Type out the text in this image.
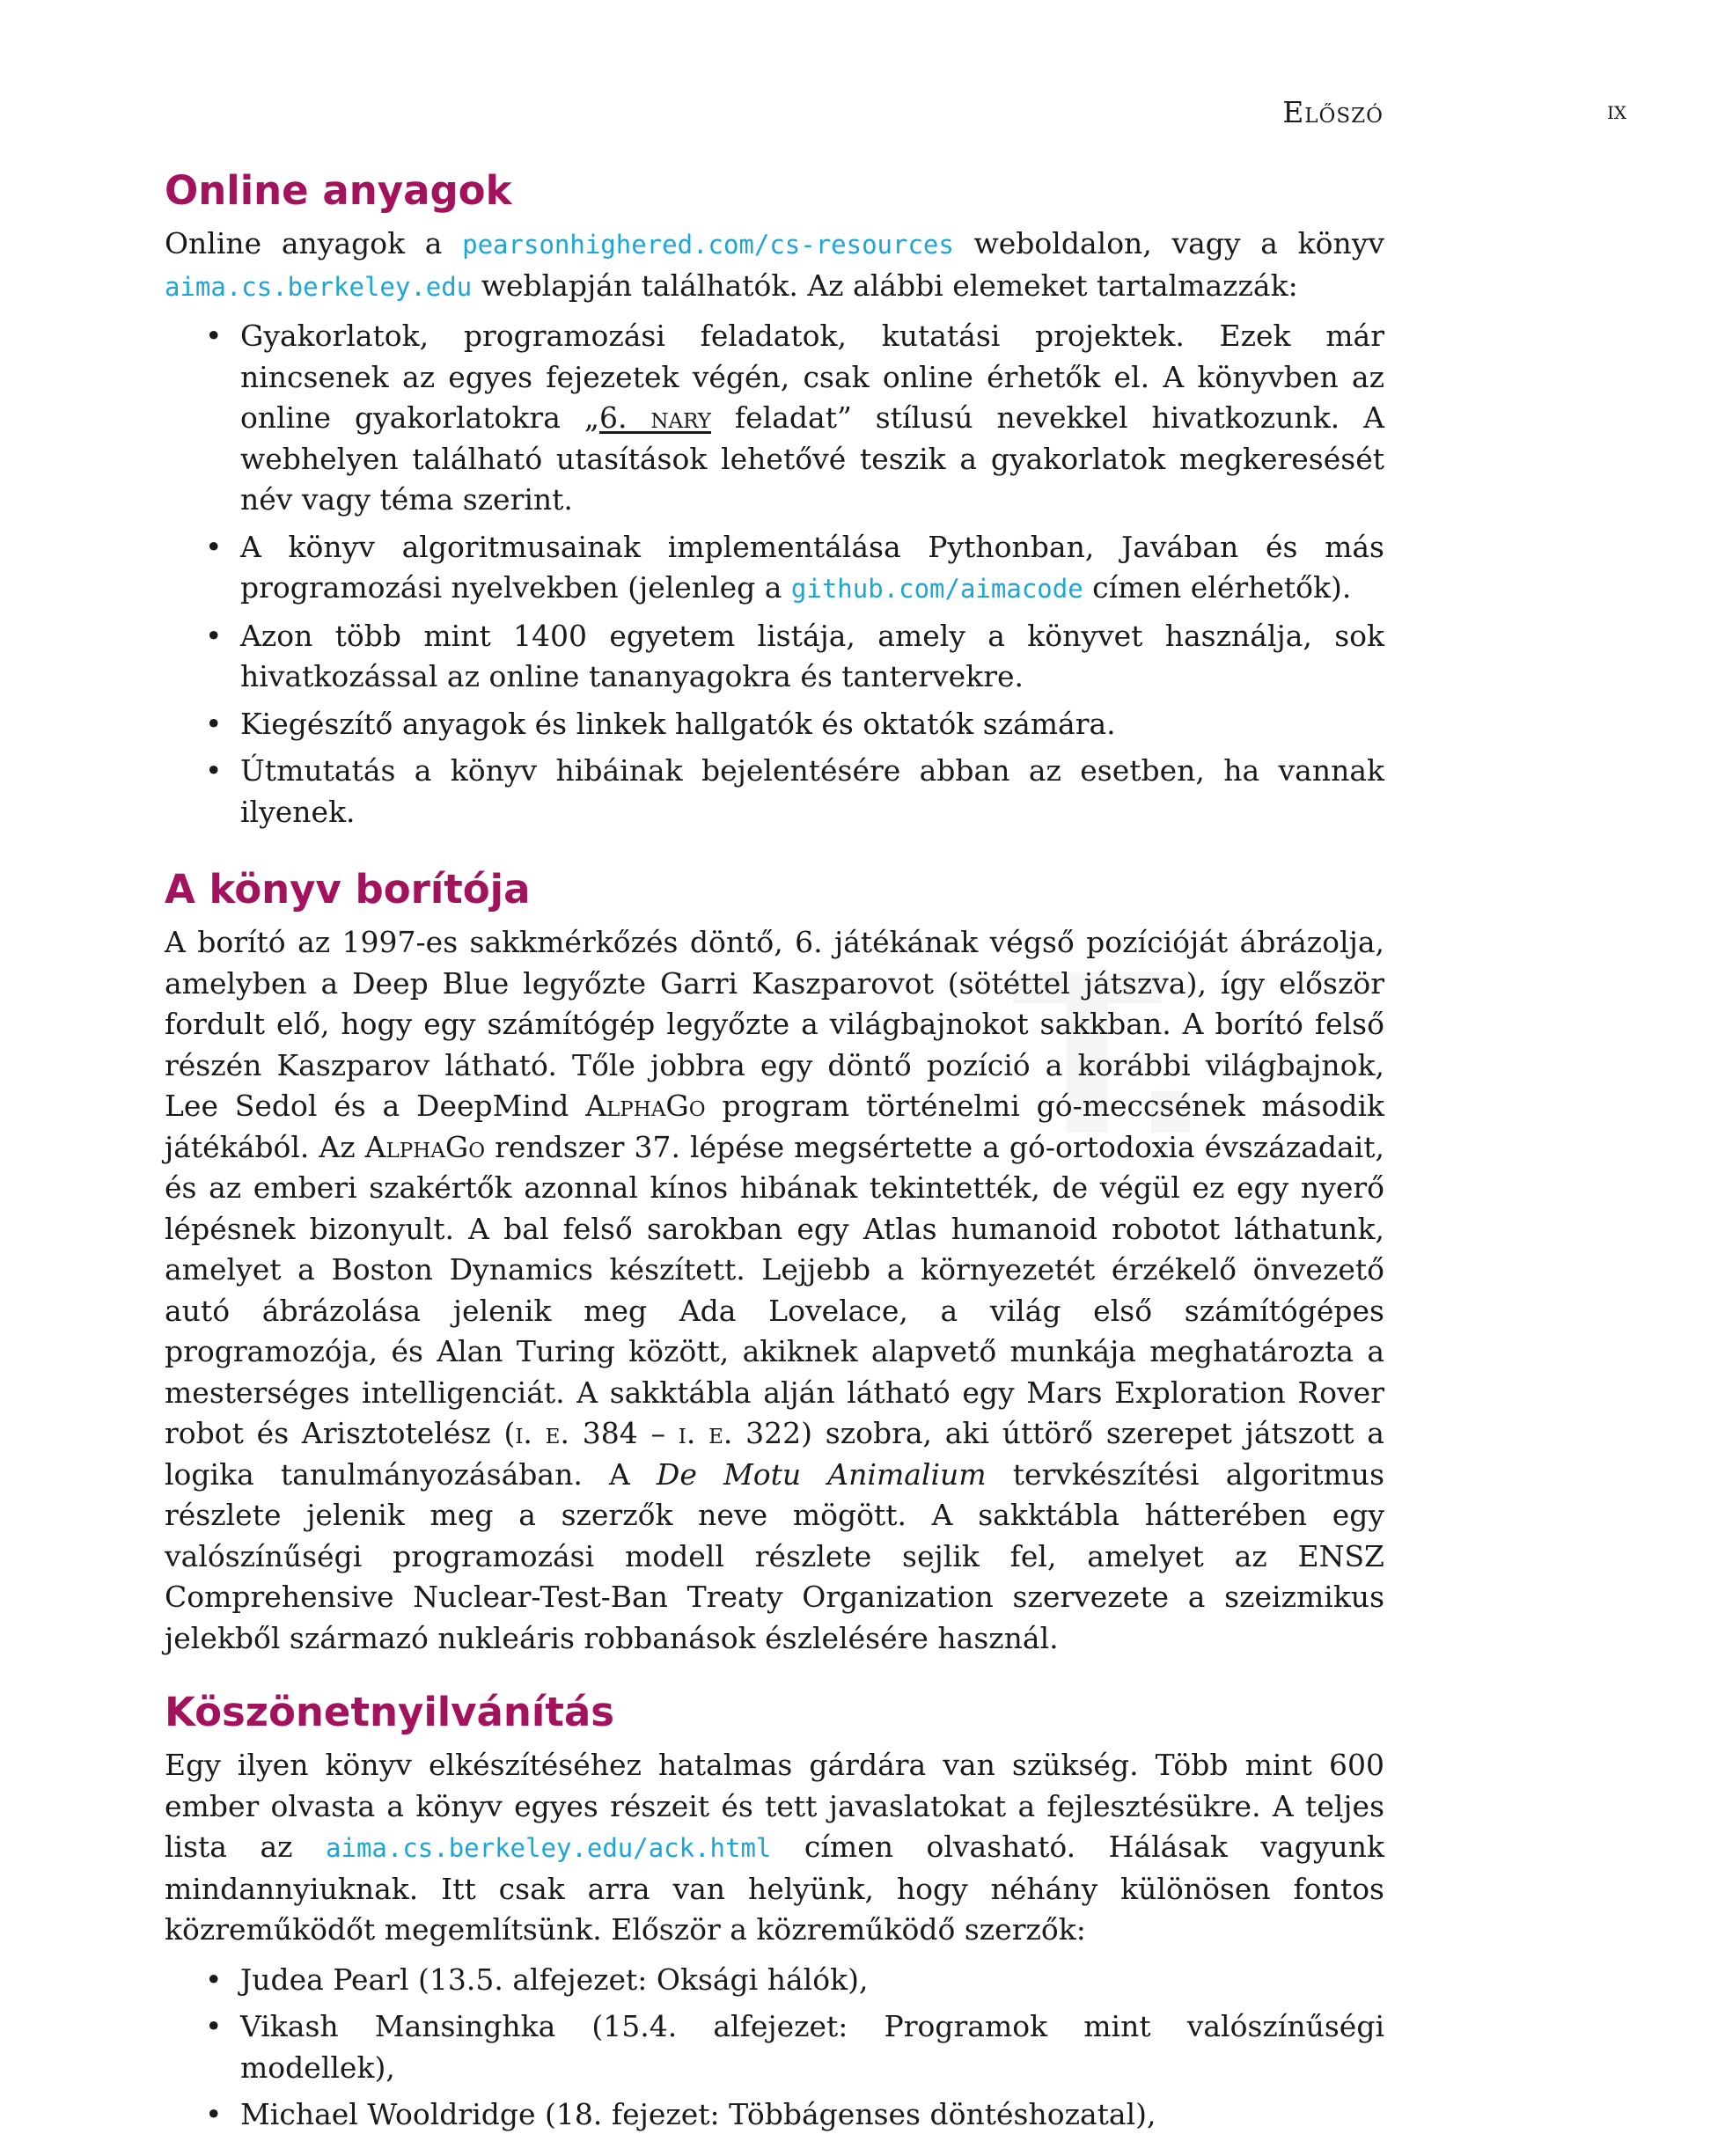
Előszó	ix
T.
Online anyagok

Online anyagok a pearsonhighered.com/cs-resources weboldalon, vagy a könyv aima.cs.berkeley.edu weblapján találhatók. Az alábbi elemeket tartalmazzák:

• Gyakorlatok, programozási feladatok, kutatási projektek. Ezek már nincsenek az egyes fejezetek végén, csak online érhetők el. A könyvben az online gyakorlatokra „6. nary feladat” stílusú nevekkel hivatkozunk. A webhelyen található utasítások lehetővé teszik a gyakorlatok megkeresését név vagy téma szerint.
• A könyv algoritmusainak implementálása Pythonban, Javában és más programozási nyelvekben (jelenleg a github.com/aimacode címen elérhetők).
• Azon több mint 1400 egyetem listája, amely a könyvet használja, sok hivatkozással az online tananyagokra és tantervekre.
• Kiegészítő anyagok és linkek hallgatók és oktatók számára.
• Útmutatás a könyv hibáinak bejelentésére abban az esetben, ha vannak ilyenek.
A könyv borítója

A borító az 1997-es sakkmérkőzés döntő, 6. játékának végső pozícióját ábrázolja, amelyben a Deep Blue legyőzte Garri Kaszparovot (sötéttel játszva), így először fordult elő, hogy egy számítógép legyőzte a világbajnokot sakkban. A borító felső részén Kaszparov látható. Tőle jobbra egy döntő pozíció a korábbi világbajnok, Lee Sedol és a DeepMind AlphaGo program történelmi gó-meccsének második játékából. Az AlphaGo rendszer 37. lépése megsértette a gó-ortodoxia évszázadait, és az emberi szakértők azonnal kínos hibának tekintették, de végül ez egy nyerő lépésnek bizonyult. A bal felső sarokban egy Atlas humanoid robotot láthatunk, amelyet a Boston Dynamics készített. Lejjebb a környezetét érzékelő önvezető autó ábrázolása jelenik meg Ada Lovelace, a világ első számítógépes programozója, és Alan Turing között, akiknek alapvető munkája meghatározta a mesterséges intelligenciát. A sakktábla alján látható egy Mars Exploration Rover robot és Arisztotelész (i. e. 384 – i. e. 322) szobra, aki úttörő szerepet játszott a logika tanulmányozásában. A De Motu Animalium tervkészítési algoritmus részlete jelenik meg a szerzők neve mögött. A sakktábla hátterében egy valószínűségi programozási modell részlete sejlik fel, amelyet az ENSZ Comprehensive Nuclear-Test-Ban Treaty Organization szervezete a szeizmikus jelekből származó nukleáris robbanások észlelésére használ.

Köszönetnyilvánítás

Egy ilyen könyv elkészítéséhez hatalmas gárdára van szükség. Több mint 600 ember olvasta a könyv egyes részeit és tett javaslatokat a fejlesztésükre. A teljes lista az aima.cs.berkeley.edu/ack.html címen olvasható. Hálásak vagyunk mindannyiuknak. Itt csak arra van helyünk, hogy néhány különösen fontos közreműködőt megemlítsünk. Először a közreműködő szerzők:

• Judea Pearl (13.5. alfejezet: Oksági hálók),
• Vikash Mansinghka (15.4. alfejezet: Programok mint valószínűségi modellek),
• Michael Wooldridge (18. fejezet: Többágenses döntéshozatal),
